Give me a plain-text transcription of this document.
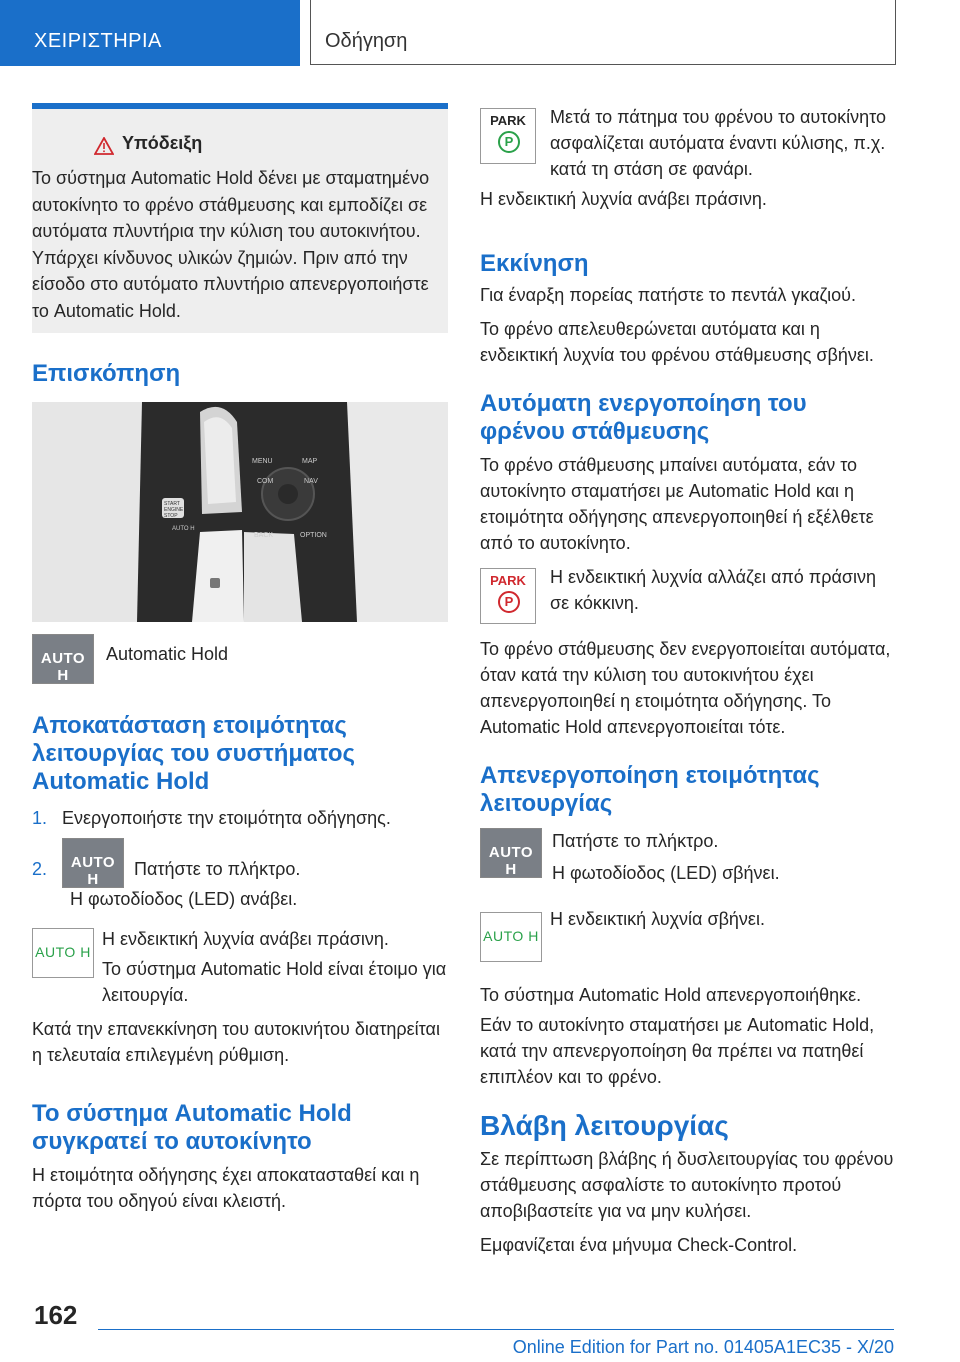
ΧΕΙΡΙΣΤΗΡΙΑ	Οδήγηση
Υπόδειξη

Το σύστημα Automatic Hold δένει με σταματημένο αυτοκίνητο το φρένο στάθμευσης και εμποδίζει σε αυτόματα πλυντήρια την κύλιση του αυτοκινήτου. Υπάρχει κίνδυνος υλικών ζημιών. Πριν από την είσοδο στο αυτόματο πλυντήριο απενεργοποιήστε το Automatic Hold.

Επισκόπηση
MENU	MAP
COM	NAV
BACK	OPTION
START ENGINE STOP
AUTO H
AUTO H

Automatic Hold

Αποκατάσταση ετοιμότητας λειτουργίας του συστήματος Automatic Hold
1. Ενεργοποιήστε την ετοιμότητα οδήγησης.

2.	AUTO H

Πατήστε το πλήκτρο.

Η φωτοδίοδος (LED) ανάβει.

AUTO H

Η ενδεικτική λυχνία ανάβει πράσινη.

Το σύστημα Automatic Hold είναι έτοιμο για λειτουργία.

Κατά την επανεκκίνηση του αυτοκινήτου διατηρείται η τελευταία επιλεγμένη ρύθμιση.

Το σύστημα Automatic Hold συγκρατεί το αυτοκίνητο

Η ετοιμότητα οδήγησης έχει αποκατασταθεί και η πόρτα του οδηγού είναι κλειστή.

PARK
P

Μετά το πάτημα του φρένου το αυτοκίνητο ασφαλίζεται αυτόματα έναντι κύλισης, π.χ. κατά τη στάση σε φανάρι.

Η ενδεικτική λυχνία ανάβει πράσινη.

Εκκίνηση

Για έναρξη πορείας πατήστε το πεντάλ γκαζιού.

Το φρένο απελευθερώνεται αυτόματα και η ενδεικτική λυχνία του φρένου στάθμευσης σβήνει.

Αυτόματη ενεργοποίηση του φρένου στάθμευσης

Το φρένο στάθμευσης μπαίνει αυτόματα, εάν το αυτοκίνητο σταματήσει με Automatic Hold και η ετοιμότητα οδήγησης απενεργοποιηθεί ή εξέλθετε από το αυτοκίνητο.

PARK
P

Η ενδεικτική λυχνία αλλάζει από πράσινη σε κόκκινη.

Το φρένο στάθμευσης δεν ενεργοποιείται αυτόματα, όταν κατά την κύλιση του αυτοκινήτου έχει απενεργοποιηθεί η ετοιμότητα οδήγησης. Το Automatic Hold απενεργοποιείται τότε.

Απενεργοποίηση ετοιμότητας λειτουργίας
AUTO H

Πατήστε το πλήκτρο.

Η φωτοδίοδος (LED) σβήνει.

AUTO H

Η ενδεικτική λυχνία σβήνει.

Το σύστημα Automatic Hold απενεργοποιήθηκε.

Εάν το αυτοκίνητο σταματήσει με Automatic Hold, κατά την απενεργοποίηση θα πρέπει να πατηθεί επιπλέον και το φρένο.

Βλάβη λειτουργίας

Σε περίπτωση βλάβης ή δυσλειτουργίας του φρένου στάθμευσης ασφαλίστε το αυτοκίνητο προτού αποβιβαστείτε για να μην κυλήσει.

Εμφανίζεται ένα μήνυμα Check-Control.

162
Online Edition for Part no. 01405A1EC35 - X/20
